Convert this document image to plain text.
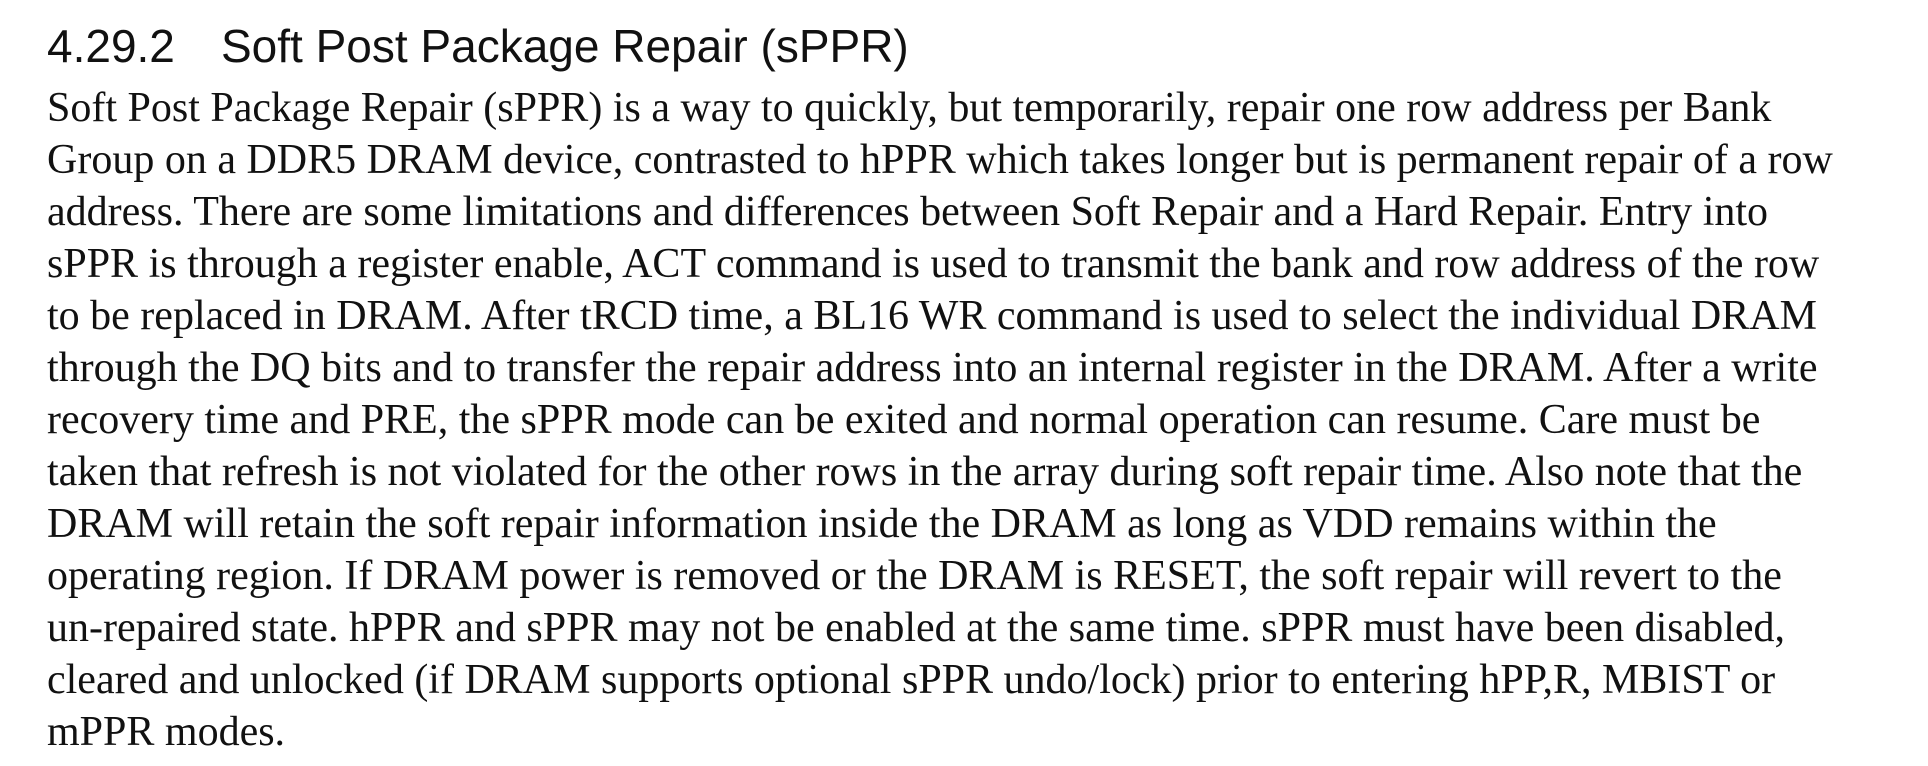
4.29.2 Soft Post Package Repair (sPPR)

Soft Post Package Repair (sPPR) is a way to quickly, but temporarily, repair one row address per Bank
Group on a DDR5 DRAM device, contrasted to hPPR which takes longer but is permanent repair of a row
address. There are some limitations and differences between Soft Repair and a Hard Repair. Entry into
sPPR is through a register enable, ACT command is used to transmit the bank and row address of the row
to be replaced in DRAM. After tRCD time, a BL16 WR command is used to select the individual DRAM
through the DQ bits and to transfer the repair address into an internal register in the DRAM. After a write
recovery time and PRE, the sPPR mode can be exited and normal operation can resume. Care must be
taken that refresh is not violated for the other rows in the array during soft repair time. Also note that the
DRAM will retain the soft repair information inside the DRAM as long as VDD remains within the
operating region. If DRAM power is removed or the DRAM is RESET, the soft repair will revert to the
un-repaired state. hPPR and sPPR may not be enabled at the same time. sPPR must have been disabled,
cleared and unlocked (if DRAM supports optional sPPR undo/lock) prior to entering hPP,R, MBIST or
mPPR modes.
